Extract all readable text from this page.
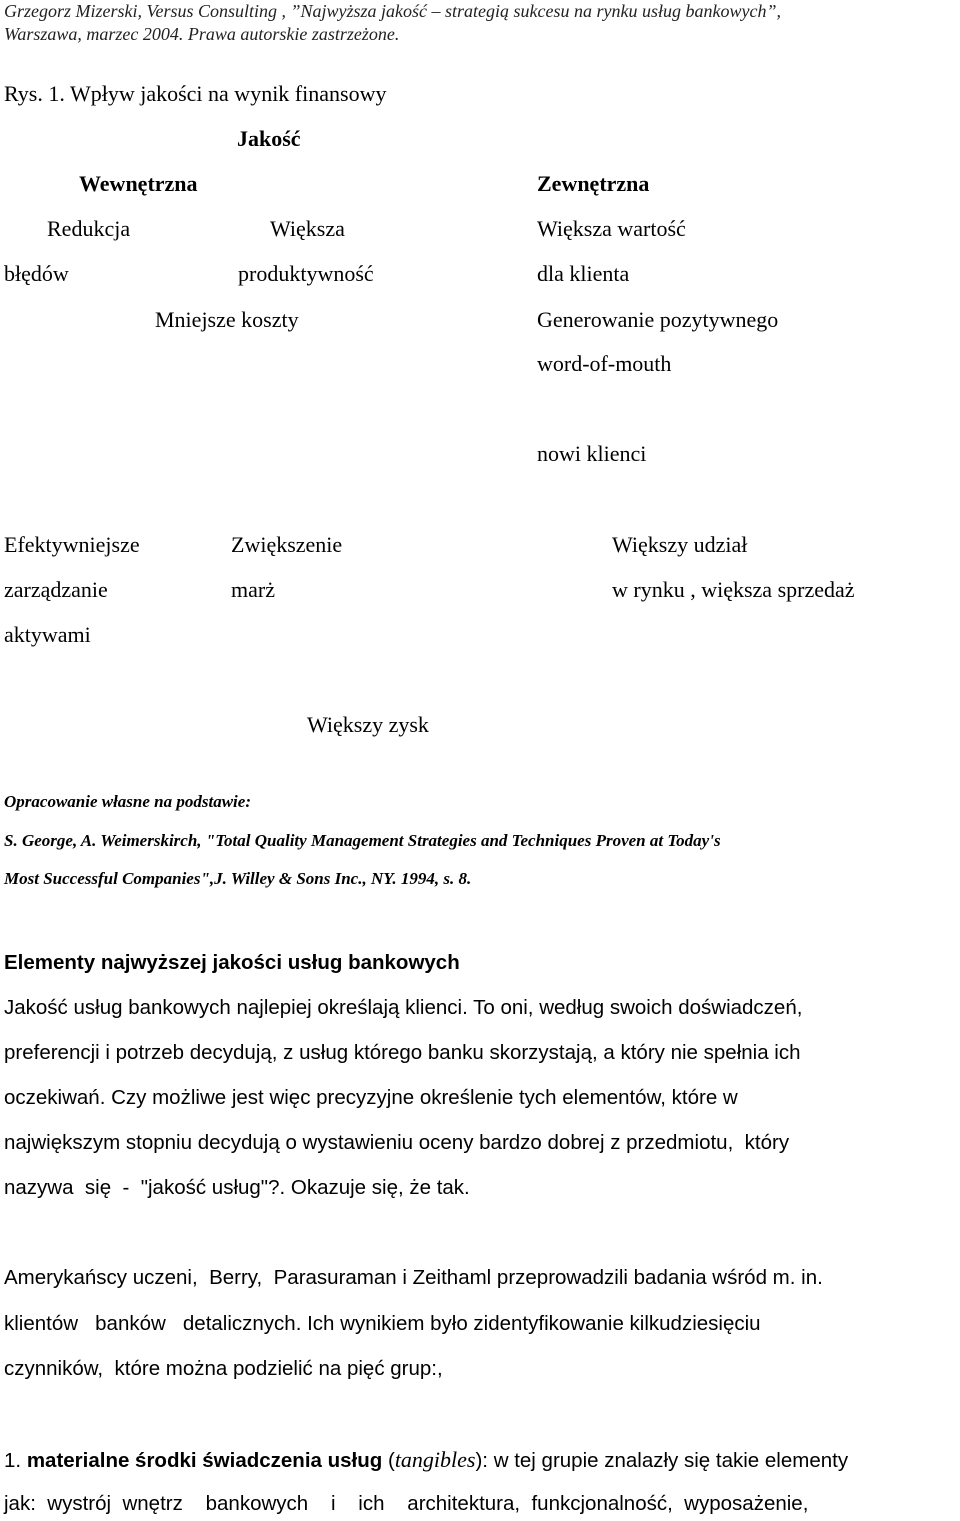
Grzegorz Mizerski, Versus Consulting , ”Najwyższa jakość – strategią sukcesu na rynku usług bankowych”,
Warszawa, marzec 2004. Prawa autorskie zastrzeżone.
Rys. 1. Wpływ jakości na wynik finansowy
Jakość
Wewnętrzna	Zewnętrzna
Redukcja
błędów
Większa
produktywność
Mniejsze koszty
Większa wartość
dla klienta
Generowanie pozytywnego
word-of-mouth
nowi klienci
Efektywniejsze
zarządzanie
aktywami
Zwiększenie
marż
Większy udział
w rynku , większa sprzedaż
Większy zysk
Opracowanie własne na podstawie:
S. George, A. Weimerskirch, "Total Quality Management Strategies and Techniques Proven at Today's
Most Successful Companies",J. Willey & Sons Inc., NY. 1994, s. 8.
Elementy najwyższej jakości usług bankowych
Jakość usług bankowych najlepiej określają klienci. To oni, według swoich doświadczeń,
preferencji i potrzeb decydują, z usług którego banku skorzystają, a który nie spełnia ich
oczekiwań. Czy możliwe jest więc precyzyjne określenie tych elementów, które w
największym stopniu decydują o wystawieniu oceny bardzo dobrej z przedmiotu,  który
nazywa  się  -  "jakość usług"?. Okazuje się, że tak.
Amerykańscy uczeni,  Berry,  Parasuraman i Zeithaml przeprowadzili badania wśród m. in.
klientów   banków   detalicznych. Ich wynikiem było zidentyfikowanie kilkudziesięciu
czynników,  które można podzielić na pięć grup:,
1. materialne środki świadczenia usług (tangibles): w tej grupie znalazły się takie elementy
jak:  wystrój  wnętrz    bankowych    i    ich    architektura,  funkcjonalność,  wyposażenie,
